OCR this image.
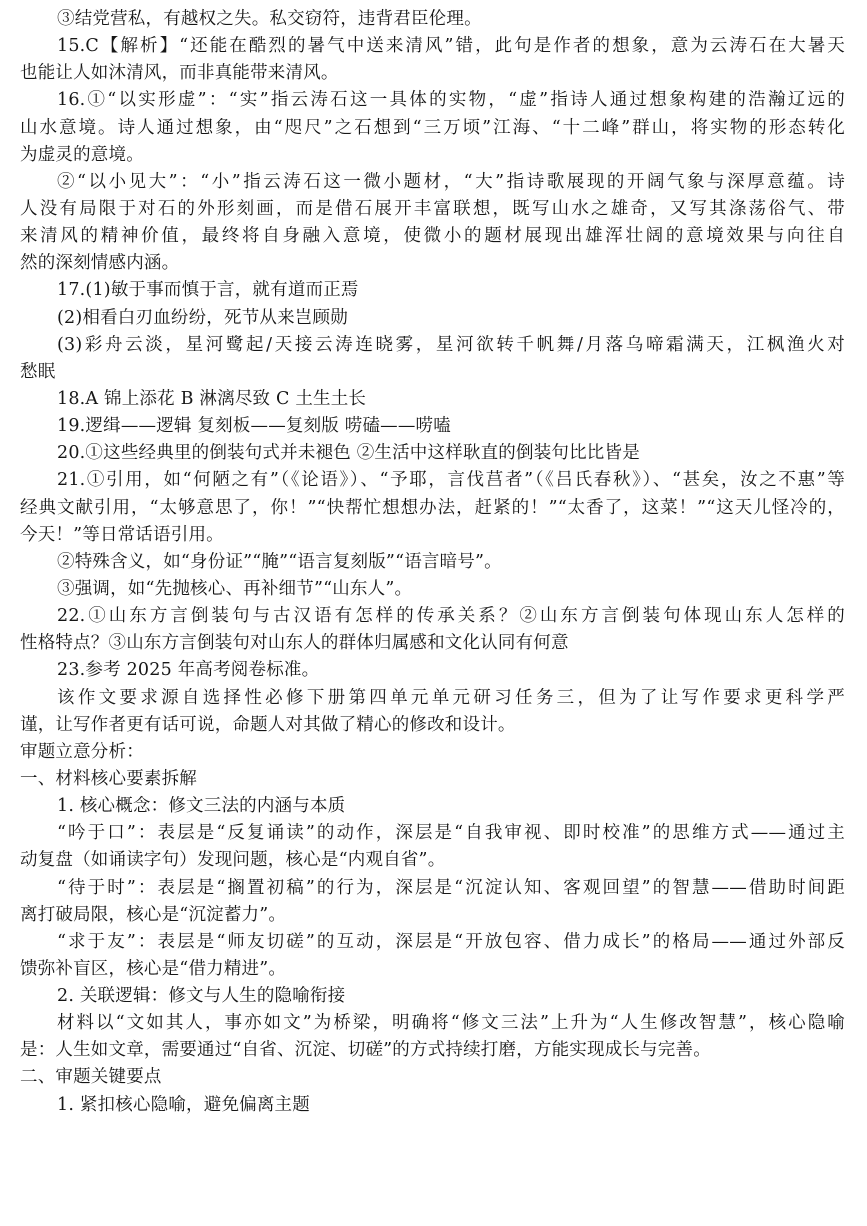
③结党营私，有越权之失。私交窃符，违背君臣伦理。
15.C【解析】“还能在酷烈的暑气中送来清风”错，此句是作者的想象，意为云涛石在大暑天
也能让人如沐清风，而非真能带来清风。
16.①“以实形虚”：“实”指云涛石这一具体的实物，“虚”指诗人通过想象构建的浩瀚辽远的
山水意境。诗人通过想象，由“咫尺”之石想到“三万顷”江海、“十二峰”群山，将实物的形态转化
为虚灵的意境。
②“以小见大”：“小”指云涛石这一微小题材，“大”指诗歌展现的开阔气象与深厚意蕴。诗
人没有局限于对石的外形刻画，而是借石展开丰富联想，既写山水之雄奇，又写其涤荡俗气、带
来清风的精神价值，最终将自身融入意境，使微小的题材展现出雄浑壮阔的意境效果与向往自
然的深刻情感内涵。
17.(1)敏于事而慎于言，就有道而正焉
(2)相看白刃血纷纷，死节从来岂顾勋
(3)彩舟云淡，星河鹭起/天接云涛连晓雾，星河欲转千帆舞/月落乌啼霜满天，江枫渔火对
愁眠
18.A 锦上添花 B 淋漓尽致 C 土生土长
19.逻缉——逻辑 复刻板——复刻版 唠磕——唠嗑
20.①这些经典里的倒装句式并未褪色 ②生活中这样耿直的倒装句比比皆是
21.①引用，如“何陋之有”（《论语》）、“予耶，言伐莒者”（《吕氏春秋》）、“甚矣，汝之不惠”等
经典文献引用，“太够意思了，你！”“快帮忙想想办法，赶紧的！”“太香了，这菜！”“这天儿怪冷的，
今天！”等日常话语引用。
②特殊含义，如“身份证”“腌”“语言复刻版”“语言暗号”。
③强调，如“先抛核心、再补细节”“山东人”。
22.①山东方言倒装句与古汉语有怎样的传承关系？②山东方言倒装句体现山东人怎样的
性格特点？③山东方言倒装句对山东人的群体归属感和文化认同有何意
23.参考 2025 年高考阅卷标准。
该作文要求源自选择性必修下册第四单元单元研习任务三，但为了让写作要求更科学严
谨，让写作者更有话可说，命题人对其做了精心的修改和设计。
审题立意分析：
一、材料核心要素拆解
1. 核心概念：修文三法的内涵与本质
“吟于口”：表层是“反复诵读”的动作，深层是“自我审视、即时校准”的思维方式——通过主
动复盘（如诵读字句）发现问题，核心是“内观自省”。
“待于时”：表层是“搁置初稿”的行为，深层是“沉淀认知、客观回望”的智慧——借助时间距
离打破局限，核心是“沉淀蓄力”。
“求于友”：表层是“师友切磋”的互动，深层是“开放包容、借力成长”的格局——通过外部反
馈弥补盲区，核心是“借力精进”。
2. 关联逻辑：修文与人生的隐喻衔接
材料以“文如其人，事亦如文”为桥梁，明确将“修文三法”上升为“人生修改智慧”，核心隐喻
是：人生如文章，需要通过“自省、沉淀、切磋”的方式持续打磨，方能实现成长与完善。
二、审题关键要点
1. 紧扣核心隐喻，避免偏离主题
